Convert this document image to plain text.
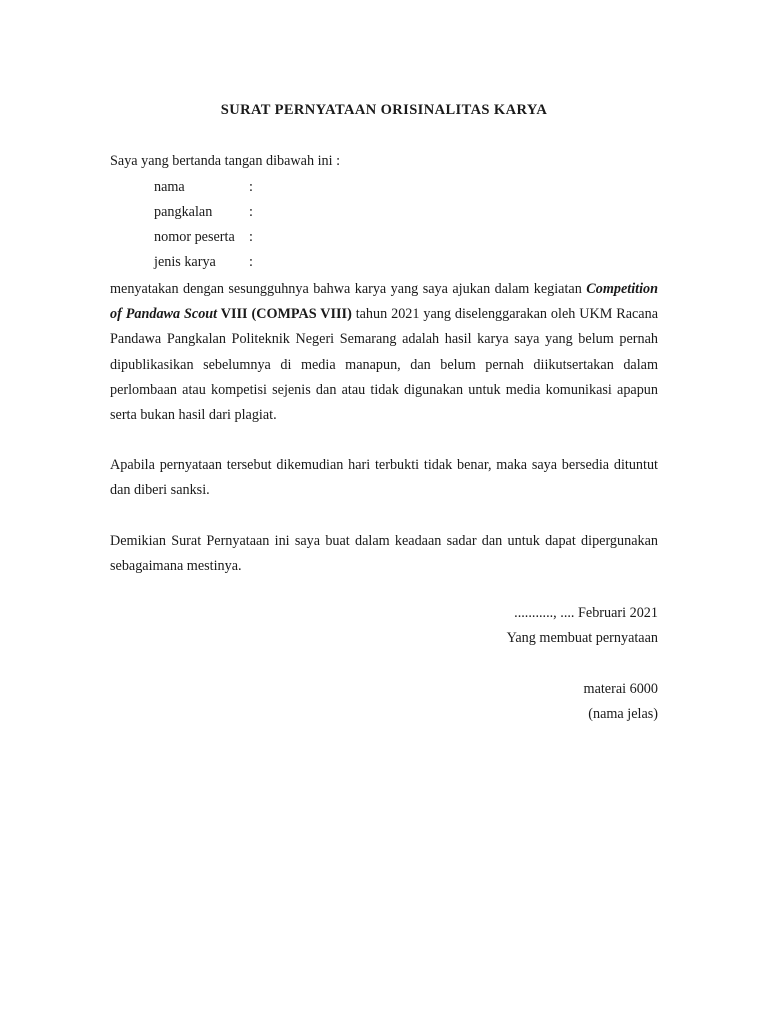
SURAT PERNYATAAN ORISINALITAS KARYA
Saya yang bertanda tangan dibawah ini :
nama	:
pangkalan	:
nomor peserta :
jenis karya :
menyatakan dengan sesungguhnya bahwa karya yang saya ajukan dalam kegiatan Competition of Pandawa Scout VIII (COMPAS VIII) tahun 2021 yang diselenggarakan oleh UKM Racana Pandawa Pangkalan Politeknik Negeri Semarang adalah hasil karya saya yang belum pernah dipublikasikan sebelumnya di media manapun, dan belum pernah diikutsertakan dalam perlombaan atau kompetisi sejenis dan atau tidak digunakan untuk media komunikasi apapun serta bukan hasil dari plagiat.
Apabila pernyataan tersebut dikemudian hari terbukti tidak benar, maka saya bersedia dituntut dan diberi sanksi.
Demikian Surat Pernyataan ini saya buat dalam keadaan sadar dan untuk dapat dipergunakan sebagaimana mestinya.
..........., .... Februari 2021
Yang membuat pernyataan
materai 6000
(nama jelas)
